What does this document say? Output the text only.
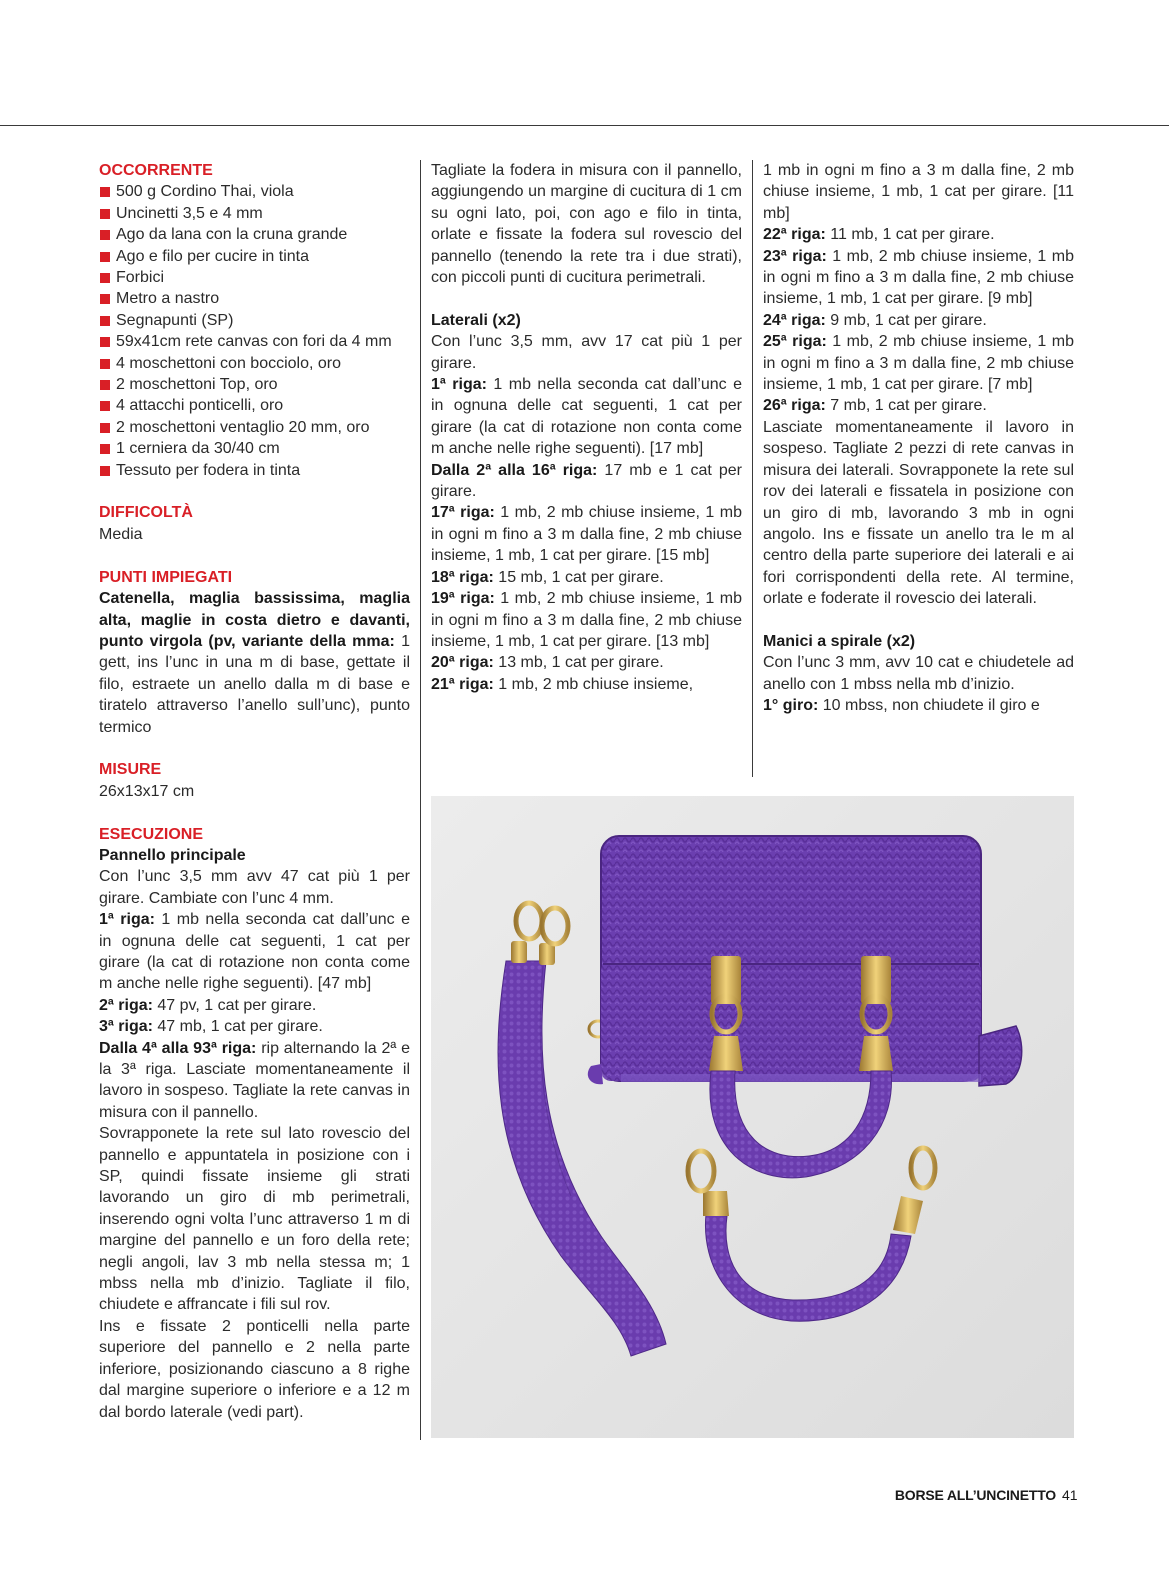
OCCORRENTE
500 g Cordino Thai, viola
Uncinetti 3,5 e 4 mm
Ago da lana con la cruna grande
Ago e filo per cucire in tinta
Forbici
Metro a nastro
Segnapunti (SP)
59x41cm rete canvas con fori da 4 mm
4 moschettoni con bocciolo, oro
2 moschettoni Top, oro
4 attacchi ponticelli, oro
2 moschettoni ventaglio 20 mm, oro
1 cerniera da 30/40 cm
Tessuto per fodera in tinta
DIFFICOLTÀ

Media

PUNTI IMPIEGATI

Catenella, maglia bassissima, maglia alta, maglie in costa dietro e davanti, punto virgola (pv, variante della mma: 1 gett, ins l’unc in una m di base, gettate il filo, estraete un anello dalla m di base e tiratelo attraverso l’anello sull’unc), punto termico

MISURE

26x13x17 cm

ESECUZIONE

Pannello principale

Con l’unc 3,5 mm avv 47 cat più 1 per girare. Cambiate con l’unc 4 mm.

1ª riga: 1 mb nella seconda cat dall’unc e in ognuna delle cat seguenti, 1 cat per girare (la cat di rotazione non conta come m anche nelle righe seguenti). [47 mb]

2ª riga: 47 pv, 1 cat per girare.

3ª riga: 47 mb, 1 cat per girare.

Dalla 4ª alla 93ª riga: rip alternando la 2ª e la 3ª riga. Lasciate momentaneamente il lavoro in sospeso. Tagliate la rete canvas in misura con il pannello.

Sovrapponete la rete sul lato rovescio del pannello e appuntatela in posizione con i SP, quindi fissate insieme gli strati lavorando un giro di mb perimetrali, inserendo ogni volta l’unc attraverso 1 m di margine del pannello e un foro della rete; negli angoli, lav 3 mb nella stessa m; 1 mbss nella mb d’inizio. Tagliate il filo, chiudete e affrancate i fili sul rov.

Ins e fissate 2 ponticelli nella parte superiore del pannello e 2 nella parte inferiore, posizionando ciascuno a 8 righe dal margine superiore o inferiore e a 12 m dal bordo laterale (vedi part).

Tagliate la fodera in misura con il pannello, aggiungendo un margine di cucitura di 1 cm su ogni lato, poi, con ago e filo in tinta, orlate e fissate la fodera sul rovescio del pannello (tenendo la rete tra i due strati), con piccoli punti di cucitura perimetrali.

Laterali (x2)

Con l’unc 3,5 mm, avv 17 cat più 1 per girare.

1ª riga: 1 mb nella seconda cat dall’unc e in ognuna delle cat seguenti, 1 cat per girare (la cat di rotazione non conta come m anche nelle righe seguenti). [17 mb]

Dalla 2ª alla 16ª riga: 17 mb e 1 cat per girare.

17ª riga: 1 mb, 2 mb chiuse insieme, 1 mb in ogni m fino a 3 m dalla fine, 2 mb chiuse insieme, 1 mb, 1 cat per girare. [15 mb]

18ª riga: 15 mb, 1 cat per girare.

19ª riga: 1 mb, 2 mb chiuse insieme, 1 mb in ogni m fino a 3 m dalla fine, 2 mb chiuse insieme, 1 mb, 1 cat per girare. [13 mb]

20ª riga: 13 mb, 1 cat per girare.

21ª riga: 1 mb, 2 mb chiuse insieme,

1 mb in ogni m fino a 3 m dalla fine, 2 mb chiuse insieme, 1 mb, 1 cat per girare. [11 mb]

22ª riga: 11 mb, 1 cat per girare.

23ª riga: 1 mb, 2 mb chiuse insieme, 1 mb in ogni m fino a 3 m dalla fine, 2 mb chiuse insieme, 1 mb, 1 cat per girare. [9 mb]

24ª riga: 9 mb, 1 cat per girare.

25ª riga: 1 mb, 2 mb chiuse insieme, 1 mb in ogni m fino a 3 m dalla fine, 2 mb chiuse insieme, 1 mb, 1 cat per girare. [7 mb]

26ª riga: 7 mb, 1 cat per girare.

Lasciate momentaneamente il lavoro in sospeso. Tagliate 2 pezzi di rete canvas in misura dei laterali. Sovrapponete la rete sul rov dei laterali e fissatela in posizione con un giro di mb, lavorando 3 mb in ogni angolo. Ins e fissate un anello tra le m al centro della parte superiore dei laterali e ai fori corrispondenti della rete. Al termine, orlate e foderate il rovescio dei laterali.

Manici a spirale (x2)

Con l’unc 3 mm, avv 10 cat e chiudetele ad anello con 1 mbss nella mb d’inizio.

1° giro: 10 mbss, non chiudete il giro e

BORSE ALL’UNCINETTO 41
